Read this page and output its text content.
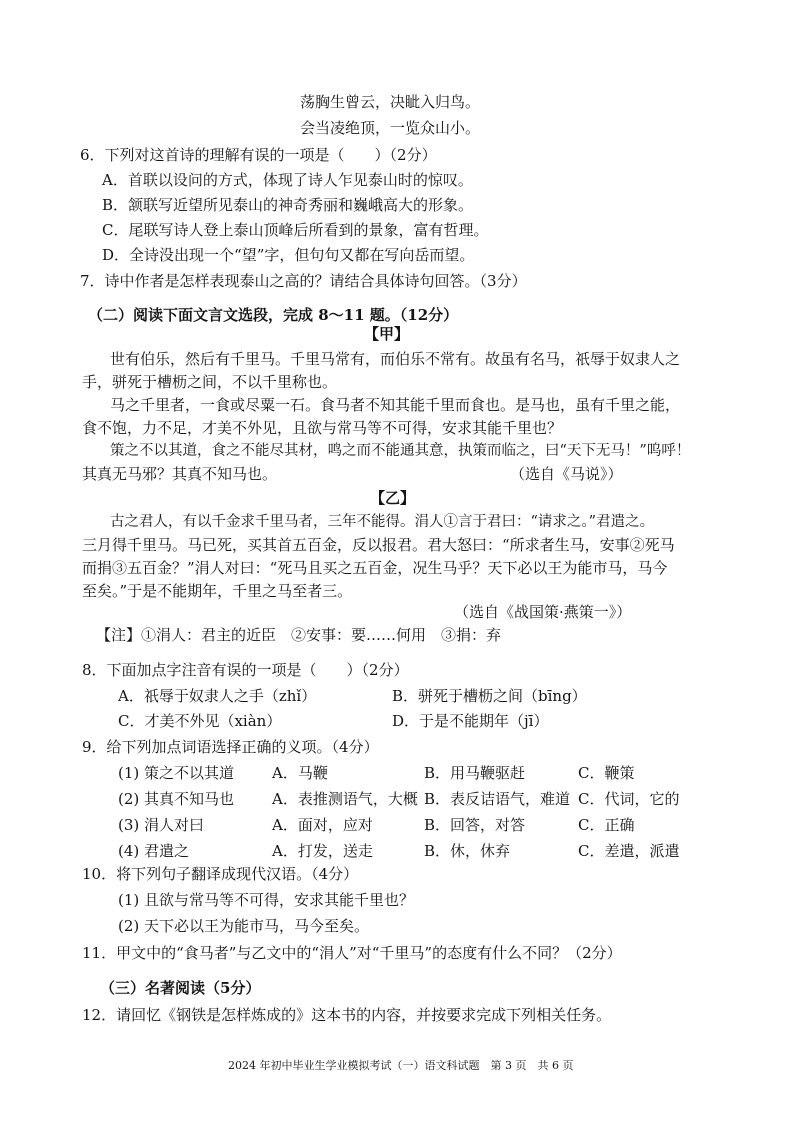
荡胸生曾云，决眦入归鸟。
会当凌绝顶，一览众山小。
6．下列对这首诗的理解有误的一项是（　　）（2分）
A．首联以设问的方式，体现了诗人乍见泰山时的惊叹。
B．颔联写近望所见泰山的神奇秀丽和巍峨高大的形象。
C．尾联写诗人登上泰山顶峰后所看到的景象，富有哲理。
D．全诗没出现一个“望”字，但句句又都在写向岳而望。
7．诗中作者是怎样表现泰山之高的？请结合具体诗句回答。（3分）
（二）阅读下面文言文选段，完成 8～11 题。（12分）
【甲】
世有伯乐，然后有千里马。千里马常有，而伯乐不常有。故虽有名马，祇辱于奴隶人之
手，骈死于槽枥之间，不以千里称也。
马之千里者，一食或尽粟一石。食马者不知其能千里而食也。是马也，虽有千里之能，
食不饱，力不足，才美不外见，且欲与常马等不可得，安求其能千里也？
策之不以其道，食之不能尽其材，鸣之而不能通其意，执策而临之，曰“天下无马！”呜呼！
其真无马邪？其真不知马也。	（选自《马说》）
【乙】
古之君人，有以千金求千里马者，三年不能得。涓人①言于君曰：“请求之。”君遣之。
三月得千里马。马已死，买其首五百金，反以报君。君大怒曰：“所求者生马，安事②死马
而捐③五百金？”涓人对曰：“死马且买之五百金，况生马乎？天下必以王为能市马，马今
至矣。”于是不能期年，千里之马至者三。
（选自《战国策·燕策一》）
【注】①涓人：君主的近臣　②安事：要……何用　③捐：弃
8．下面加点字注音有误的一项是（　　）（2分）
A．祇辱于奴隶人之手（zhǐ）	B．骈死于槽枥之间（bīng）
C．才美不外见（xiàn）	D．于是不能期年（jī）
9．给下列加点词语选择正确的义项。（4分）
(1) 策之不以其道	A．马鞭	B．用马鞭驱赶	C．鞭策
(2) 其真不知马也	A．表推测语气，大概 B．表反诘语气，难道 C．代词，它的
(3) 涓人对曰	A．面对，应对	B．回答，对答	C．正确
(4) 君遣之	A．打发，送走	B．休，休弃	C．差遣，派遣
10．将下列句子翻译成现代汉语。（4分）
(1) 且欲与常马等不可得，安求其能千里也？
(2) 天下必以王为能市马，马今至矣。
11．甲文中的“食马者”与乙文中的“涓人”对“千里马”的态度有什么不同？（2分）
（三）名著阅读（5分）
12．请回忆《钢铁是怎样炼成的》这本书的内容，并按要求完成下列相关任务。
2024 年初中毕业生学业模拟考试（一）语文科试题　第 3 页　共 6 页
